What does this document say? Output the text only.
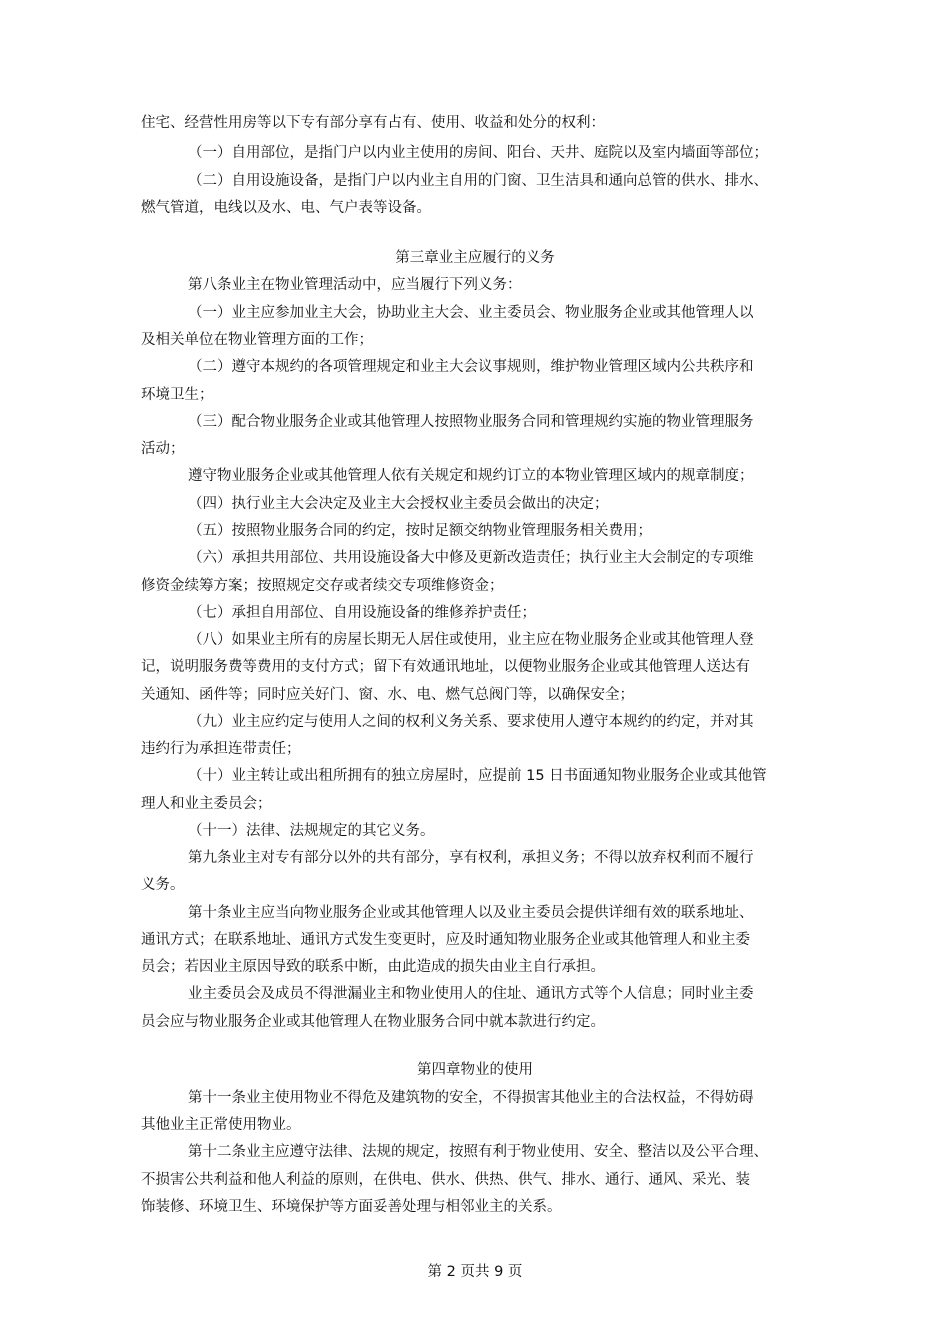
住宅、经营性用房等以下专有部分享有占有、使用、收益和处分的权利：
（一）自用部位，是指门户以内业主使用的房间、阳台、天井、庭院以及室内墙面等部位；
（二）自用设施设备，是指门户以内业主自用的门窗、卫生洁具和通向总管的供水、排水、
燃气管道，电线以及水、电、气户表等设备。
第三章业主应履行的义务
第八条业主在物业管理活动中，应当履行下列义务：
（一）业主应参加业主大会，协助业主大会、业主委员会、物业服务企业或其他管理人以
及相关单位在物业管理方面的工作；
（二）遵守本规约的各项管理规定和业主大会议事规则，维护物业管理区域内公共秩序和
环境卫生；
（三）配合物业服务企业或其他管理人按照物业服务合同和管理规约实施的物业管理服务
活动；
遵守物业服务企业或其他管理人依有关规定和规约订立的本物业管理区域内的规章制度；
（四）执行业主大会决定及业主大会授权业主委员会做出的决定；
（五）按照物业服务合同的约定，按时足额交纳物业管理服务相关费用；
（六）承担共用部位、共用设施设备大中修及更新改造责任；执行业主大会制定的专项维
修资金续筹方案；按照规定交存或者续交专项维修资金；
（七）承担自用部位、自用设施设备的维修养护责任；
（八）如果业主所有的房屋长期无人居住或使用，业主应在物业服务企业或其他管理人登
记，说明服务费等费用的支付方式；留下有效通讯地址，以便物业服务企业或其他管理人送达有
关通知、函件等；同时应关好门、窗、水、电、燃气总阀门等，以确保安全；
（九）业主应约定与使用人之间的权利义务关系、要求使用人遵守本规约的约定，并对其
违约行为承担连带责任；
（十）业主转让或出租所拥有的独立房屋时，应提前 15 日书面通知物业服务企业或其他管
理人和业主委员会；
（十一）法律、法规规定的其它义务。
第九条业主对专有部分以外的共有部分，享有权利，承担义务；不得以放弃权利而不履行
义务。
第十条业主应当向物业服务企业或其他管理人以及业主委员会提供详细有效的联系地址、
通讯方式；在联系地址、通讯方式发生变更时，应及时通知物业服务企业或其他管理人和业主委
员会；若因业主原因导致的联系中断，由此造成的损失由业主自行承担。
业主委员会及成员不得泄漏业主和物业使用人的住址、通讯方式等个人信息；同时业主委
员会应与物业服务企业或其他管理人在物业服务合同中就本款进行约定。
第四章物业的使用
第十一条业主使用物业不得危及建筑物的安全，不得损害其他业主的合法权益，不得妨碍
其他业主正常使用物业。
第十二条业主应遵守法律、法规的规定，按照有利于物业使用、安全、整洁以及公平合理、
不损害公共利益和他人利益的原则，在供电、供水、供热、供气、排水、通行、通风、采光、装
饰装修、环境卫生、环境保护等方面妥善处理与相邻业主的关系。
第 2 页共 9 页
